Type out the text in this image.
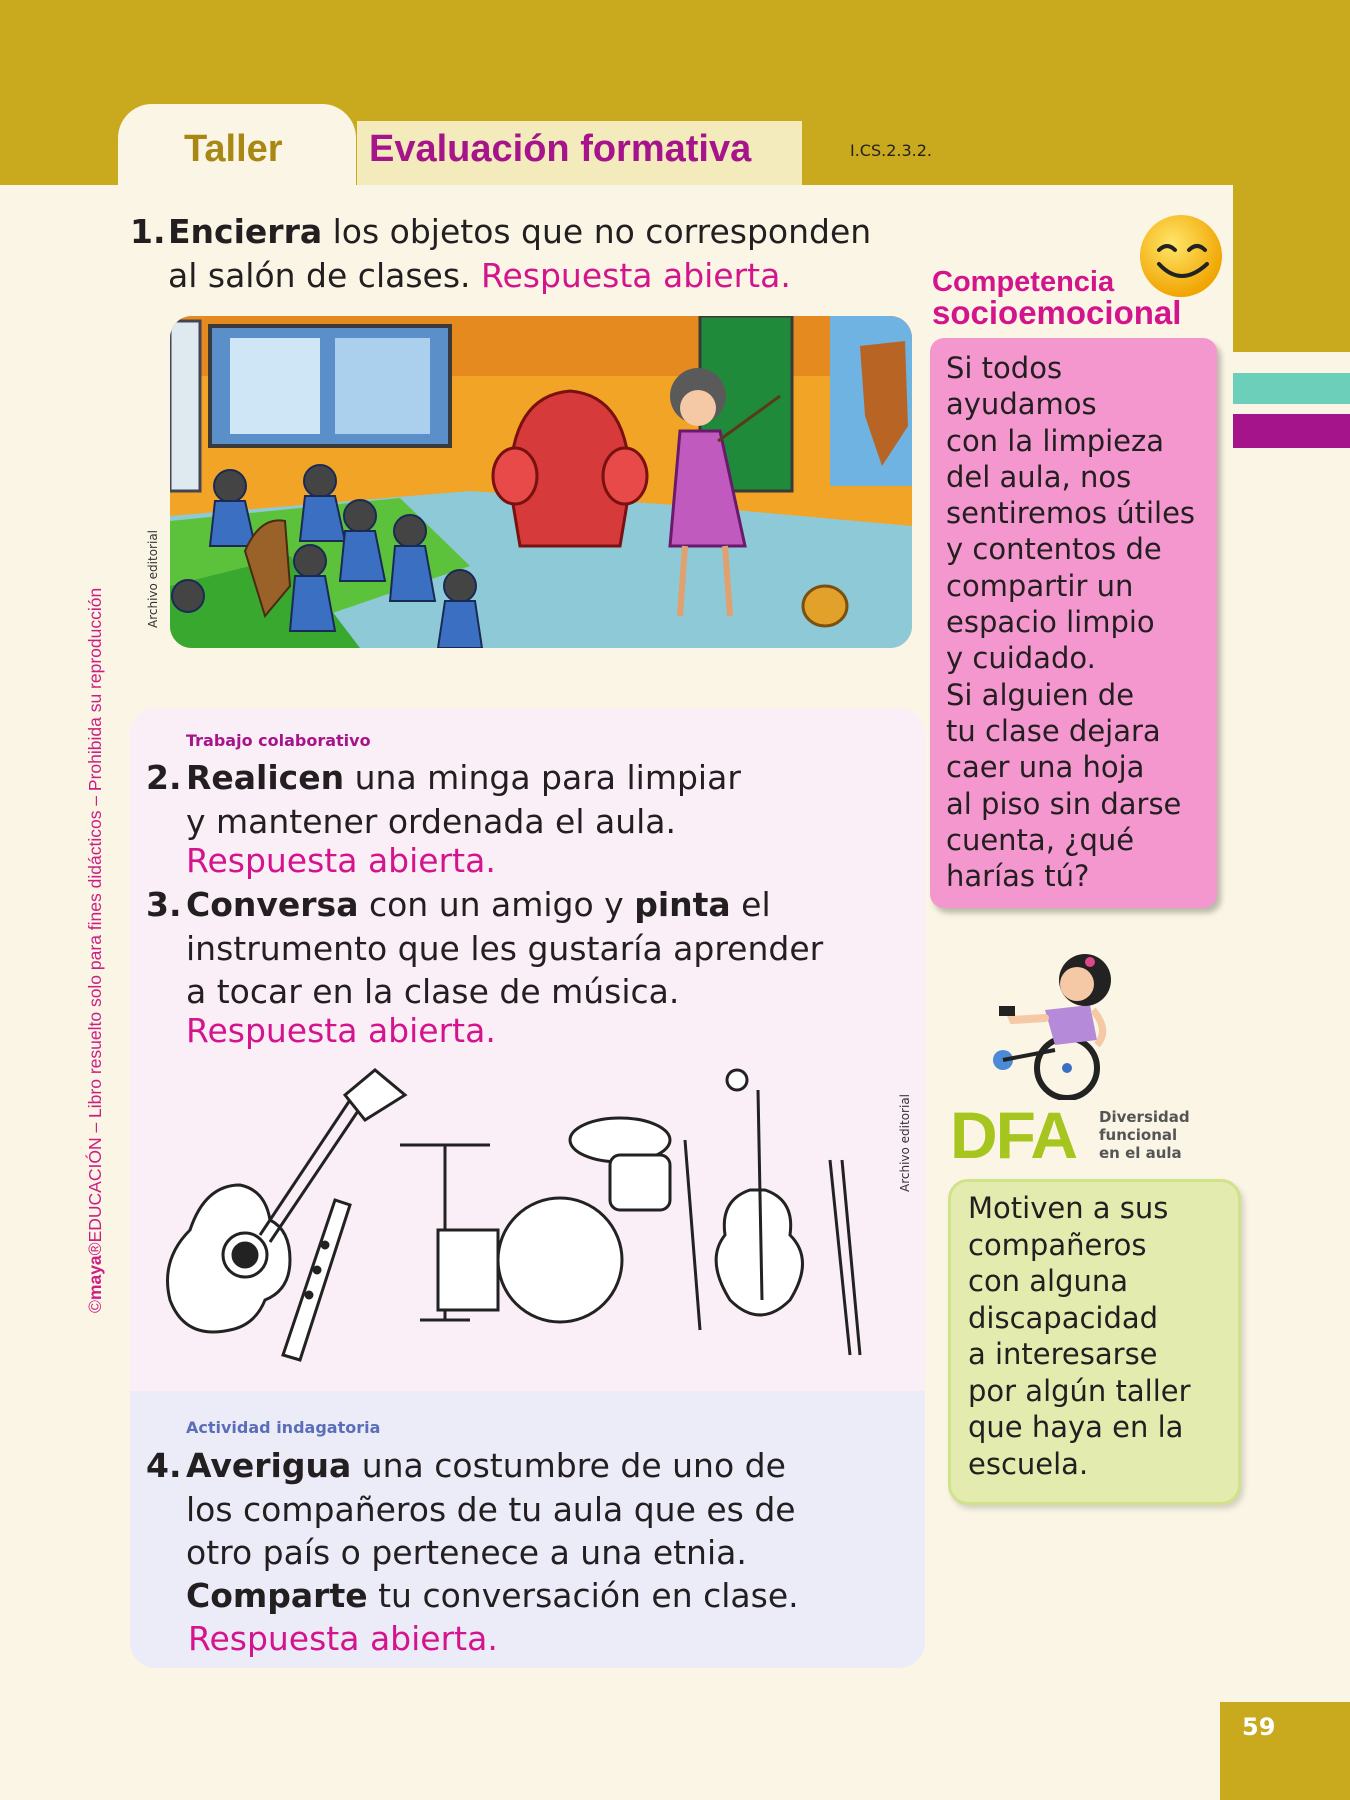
Taller Evaluación formativa	I.CS.2.3.2.
©maya®EDUCACIÓN – Libro resuelto solo para fines didácticos – Prohibida su reproducción
1. Encierra los objetos que no corresponden
al salón de clases. Respuesta abierta.
Archivo editorial
Trabajo colaborativo
2. Realicen una minga para limpiar
y mantener ordenada el aula.
Respuesta abierta.
3. Conversa con un amigo y pinta el
instrumento que les gustaría aprender
a tocar en la clase de música.
Respuesta abierta.
Archivo editorial
Actividad indagatoria
4. Averigua una costumbre de uno de
los compañeros de tu aula que es de
otro país o pertenece a una etnia.
Comparte tu conversación en clase.
Respuesta abierta.
Competencia
socioemocional
Si todos
ayudamos
con la limpieza
del aula, nos
sentiremos útiles
y contentos de
compartir un
espacio limpio
y cuidado.
Si alguien de
tu clase dejara
caer una hoja
al piso sin darse
cuenta, ¿qué
harías tú?
DFA Diversidad
funcional
en el aula
Motiven a sus
compañeros
con alguna
discapacidad
a interesarse
por algún taller
que haya en la
escuela.
59
